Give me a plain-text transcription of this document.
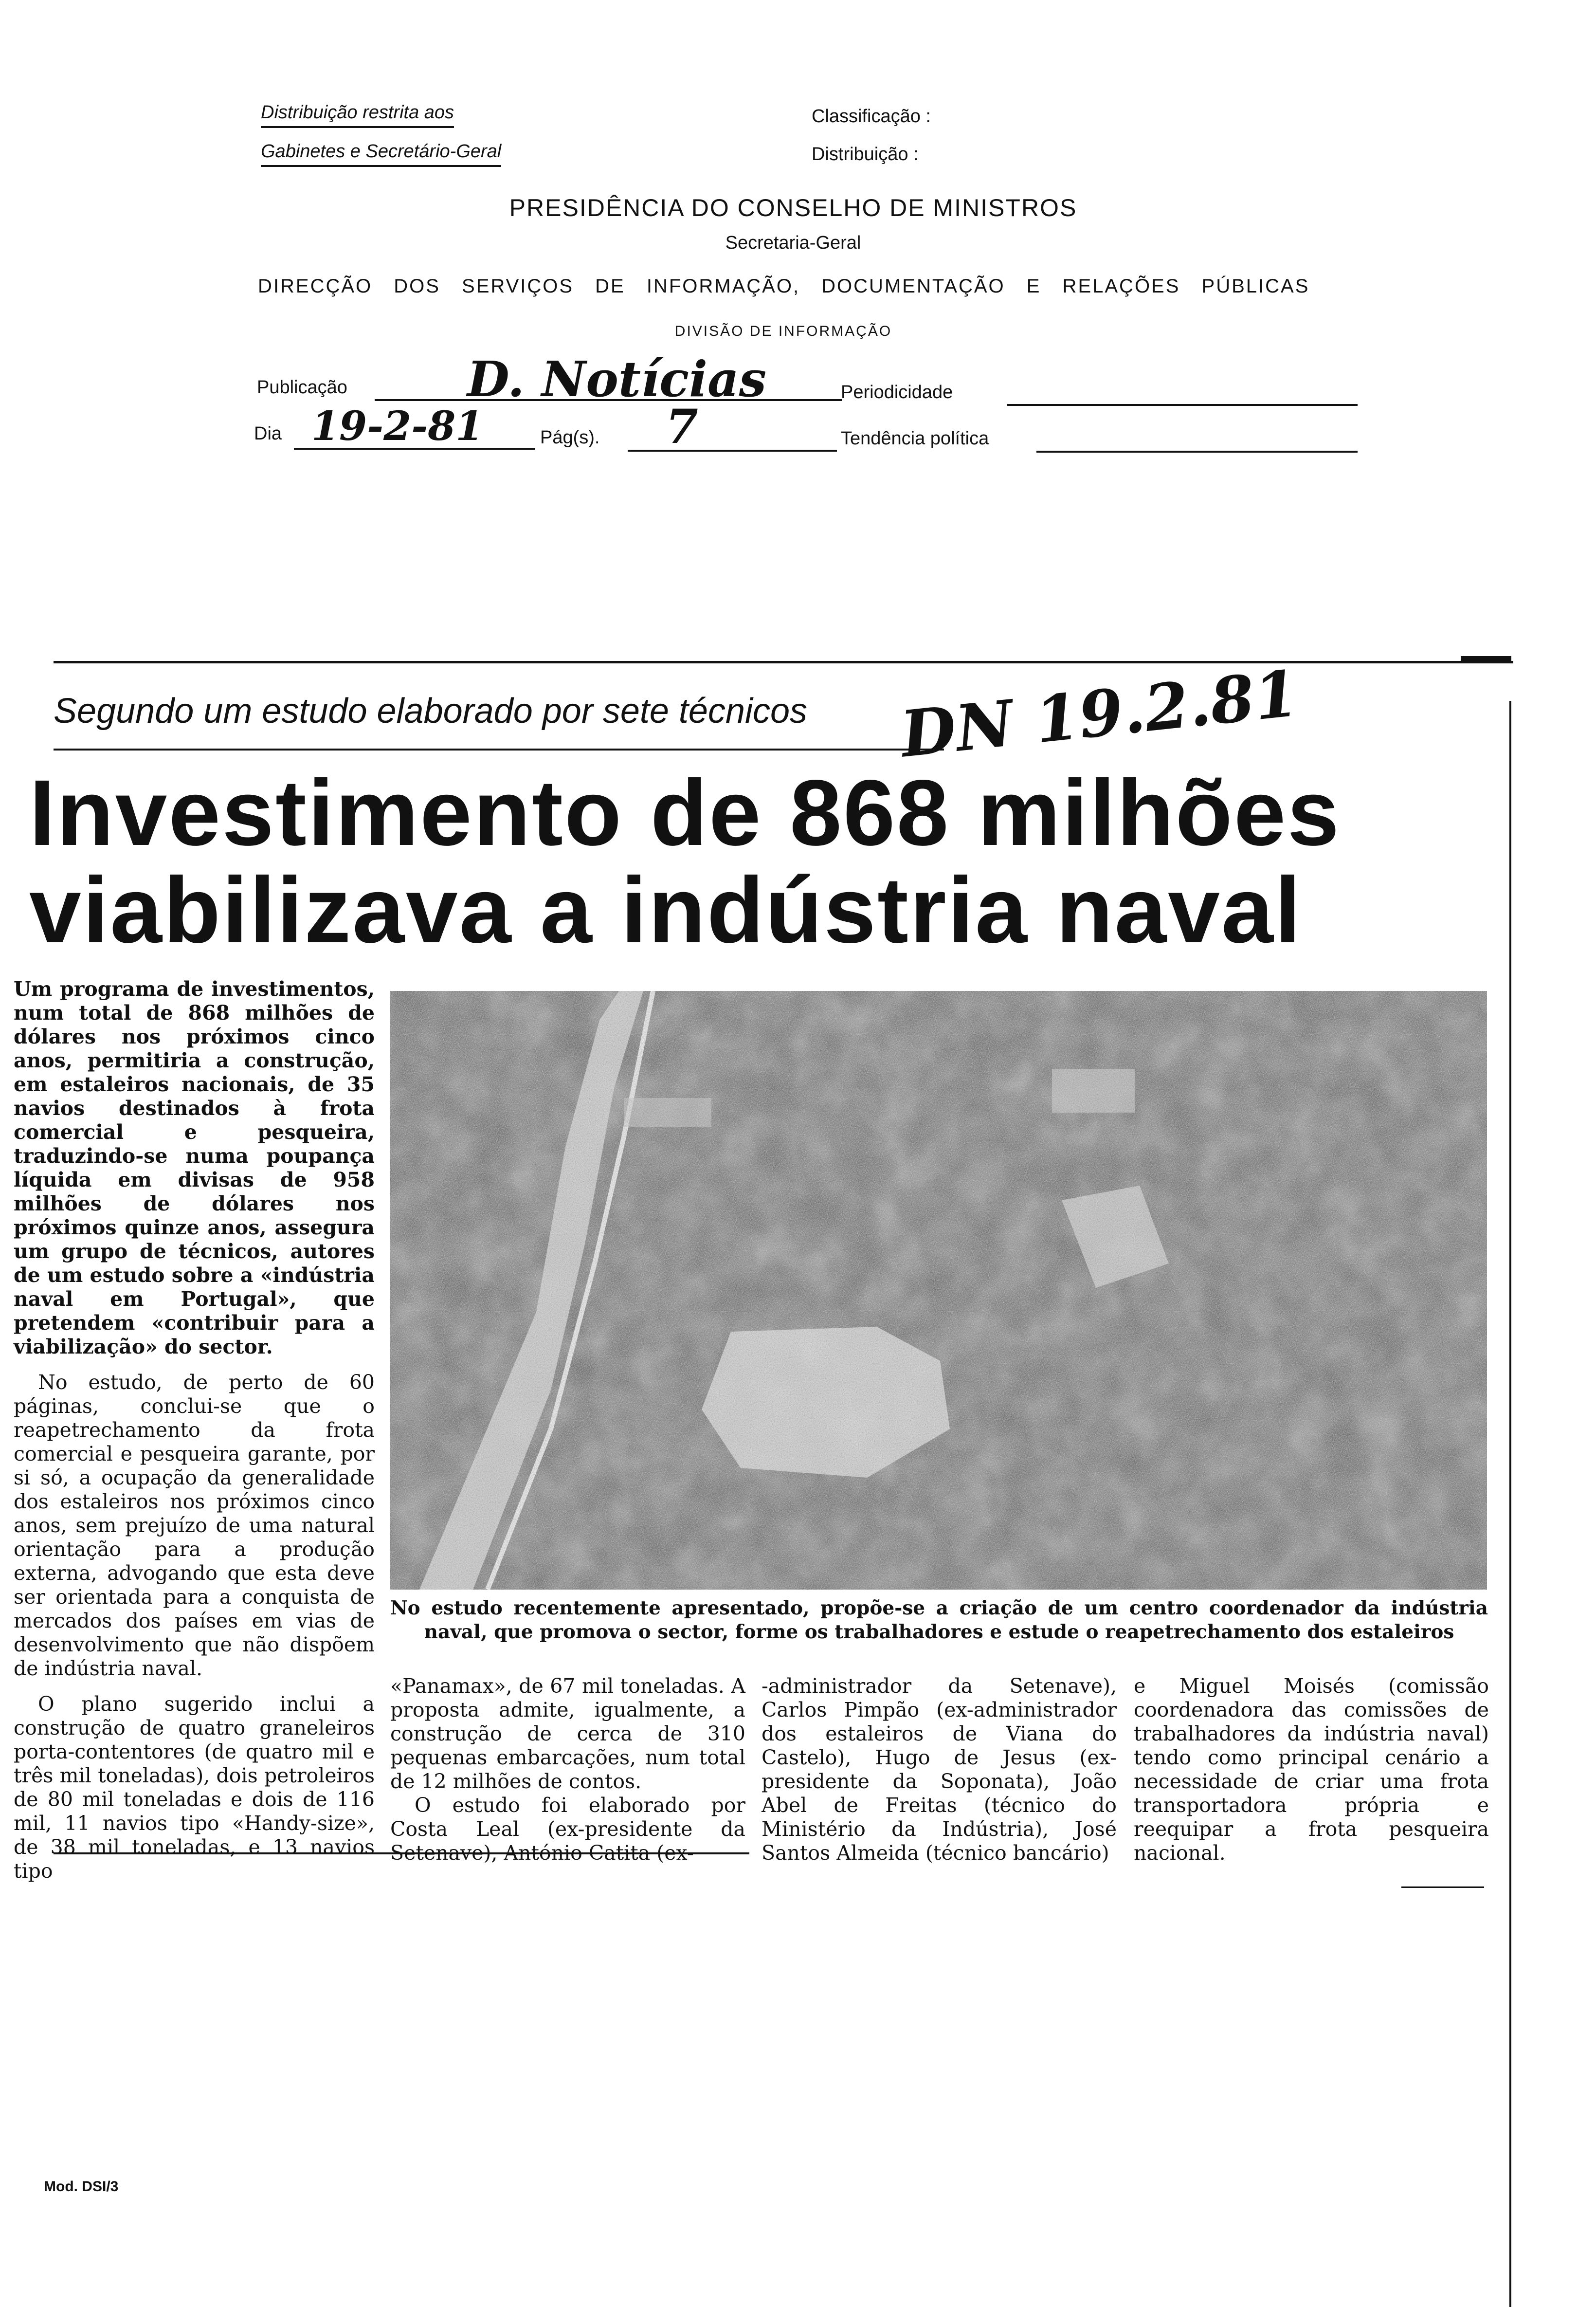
Distribuição restrita aos
Gabinetes e Secretário-Geral
Classificação :
Distribuição :
PRESIDÊNCIA DO CONSELHO DE MINISTROS
Secretaria-Geral
DIRECÇÃO DOS SERVIÇOS DE INFORMAÇÃO, DOCUMENTAÇÃO E RELAÇÕES PÚBLICAS
DIVISÃO DE INFORMAÇÃO
Publicação D. Notícias	Periodicidade
Dia 19-2-81	Pág(s). 7	Tendência política
Segundo um estudo elaborado por sete técnicos DN 19.2.81
Investimento de 868 milhões
viabilizava a indústria naval

Um programa de investimentos, num total de 868 milhões de dólares nos próximos cinco anos, permitiria a construção, em estaleiros nacionais, de 35 navios destinados à frota comercial e pesqueira, traduzindo-se numa poupança líquida em divisas de 958 milhões de dólares nos próximos quinze anos, assegura um grupo de técnicos, autores de um estudo sobre a «indústria naval em Portugal», que pretendem «contribuir para a viabilização» do sector.

No estudo, de perto de 60 páginas, conclui-se que o reapetrechamento da frota comercial e pesqueira garante, por si só, a ocupação da generalidade dos estaleiros nos próximos cinco anos, sem prejuízo de uma natural orientação para a produção externa, advogando que esta deve ser orientada para a conquista de mercados dos países em vias de desenvolvimento que não dispõem de indústria naval.

O plano sugerido inclui a construção de quatro graneleiros porta-contentores (de quatro mil e três mil toneladas), dois petroleiros de 80 mil toneladas e dois de 116 mil, 11 navios tipo «Handy-size», de 38 mil toneladas, e 13 navios tipo

No estudo recentemente apresentado, propõe-se a criação de um centro coordenador da indústria naval, que promova o sector, forme os trabalhadores e estude o reapetrechamento dos estaleiros

«Panamax», de 67 mil toneladas. A proposta admite, igualmente, a construção de cerca de 310 pequenas embarcações, num total de 12 milhões de contos.

O estudo foi elaborado por Costa Leal (ex-presidente da Setenave), António Catita (ex-

-administrador da Setenave), Carlos Pimpão (ex-administrador dos estaleiros de Viana do Castelo), Hugo de Jesus (ex-presidente da Soponata), João Abel de Freitas (técnico do Ministério da Indústria), José Santos Almeida (técnico bancário)

e Miguel Moisés (comissão coordenadora das comissões de trabalhadores da indústria naval) tendo como principal cenário a necessidade de criar uma frota transportadora própria e reequipar a frota pesqueira nacional.

Mod. DSI/3
